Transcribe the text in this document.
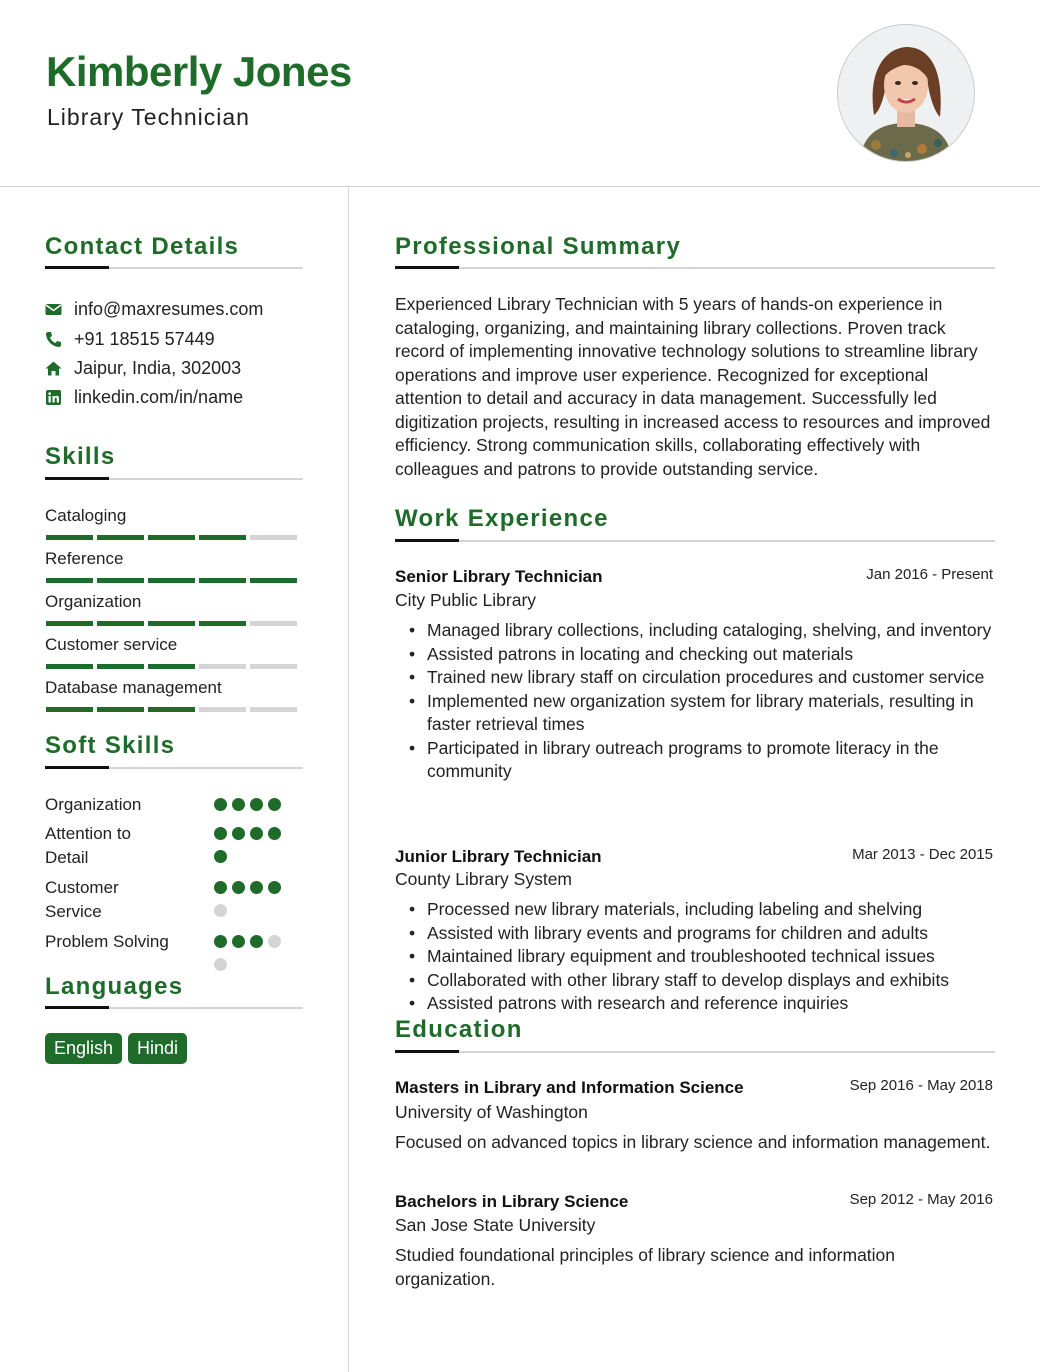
Kimberly Jones
Library Technician
Contact Details
info@maxresumes.com
+91 18515 57449
Jaipur, India, 302003
linkedin.com/in/name
Skills
Cataloging
Reference
Organization
Customer service
Database management
Soft Skills
Organization
Attention to
Detail
Customer
Service
Problem Solving
Languages
English	Hindi
Professional Summary

Experienced Library Technician with 5 years of hands-on experience in cataloging, organizing, and maintaining library collections. Proven track record of implementing innovative technology solutions to streamline library operations and improve user experience. Recognized for exceptional attention to detail and accuracy in data management. Successfully led digitization projects, resulting in increased access to resources and improved efficiency. Strong communication skills, collaborating effectively with colleagues and patrons to provide outstanding service.

Work Experience
Senior Library Technician	Jan 2016 - Present
City Public Library
• Managed library collections, including cataloging, shelving, and inventory
• Assisted patrons in locating and checking out materials
• Trained new library staff on circulation procedures and customer service
• Implemented new organization system for library materials, resulting in faster retrieval times
• Participated in library outreach programs to promote literacy in the community
Junior Library Technician	Mar 2013 - Dec 2015
County Library System
• Processed new library materials, including labeling and shelving
• Assisted with library events and programs for children and adults
• Maintained library equipment and troubleshooted technical issues
• Collaborated with other library staff to develop displays and exhibits
• Assisted patrons with research and reference inquiries
Education
Masters in Library and Information Science	Sep 2016 - May 2018
University of Washington

Focused on advanced topics in library science and information management.

Bachelors in Library Science	Sep 2012 - May 2016
San Jose State University

Studied foundational principles of library science and information organization.
